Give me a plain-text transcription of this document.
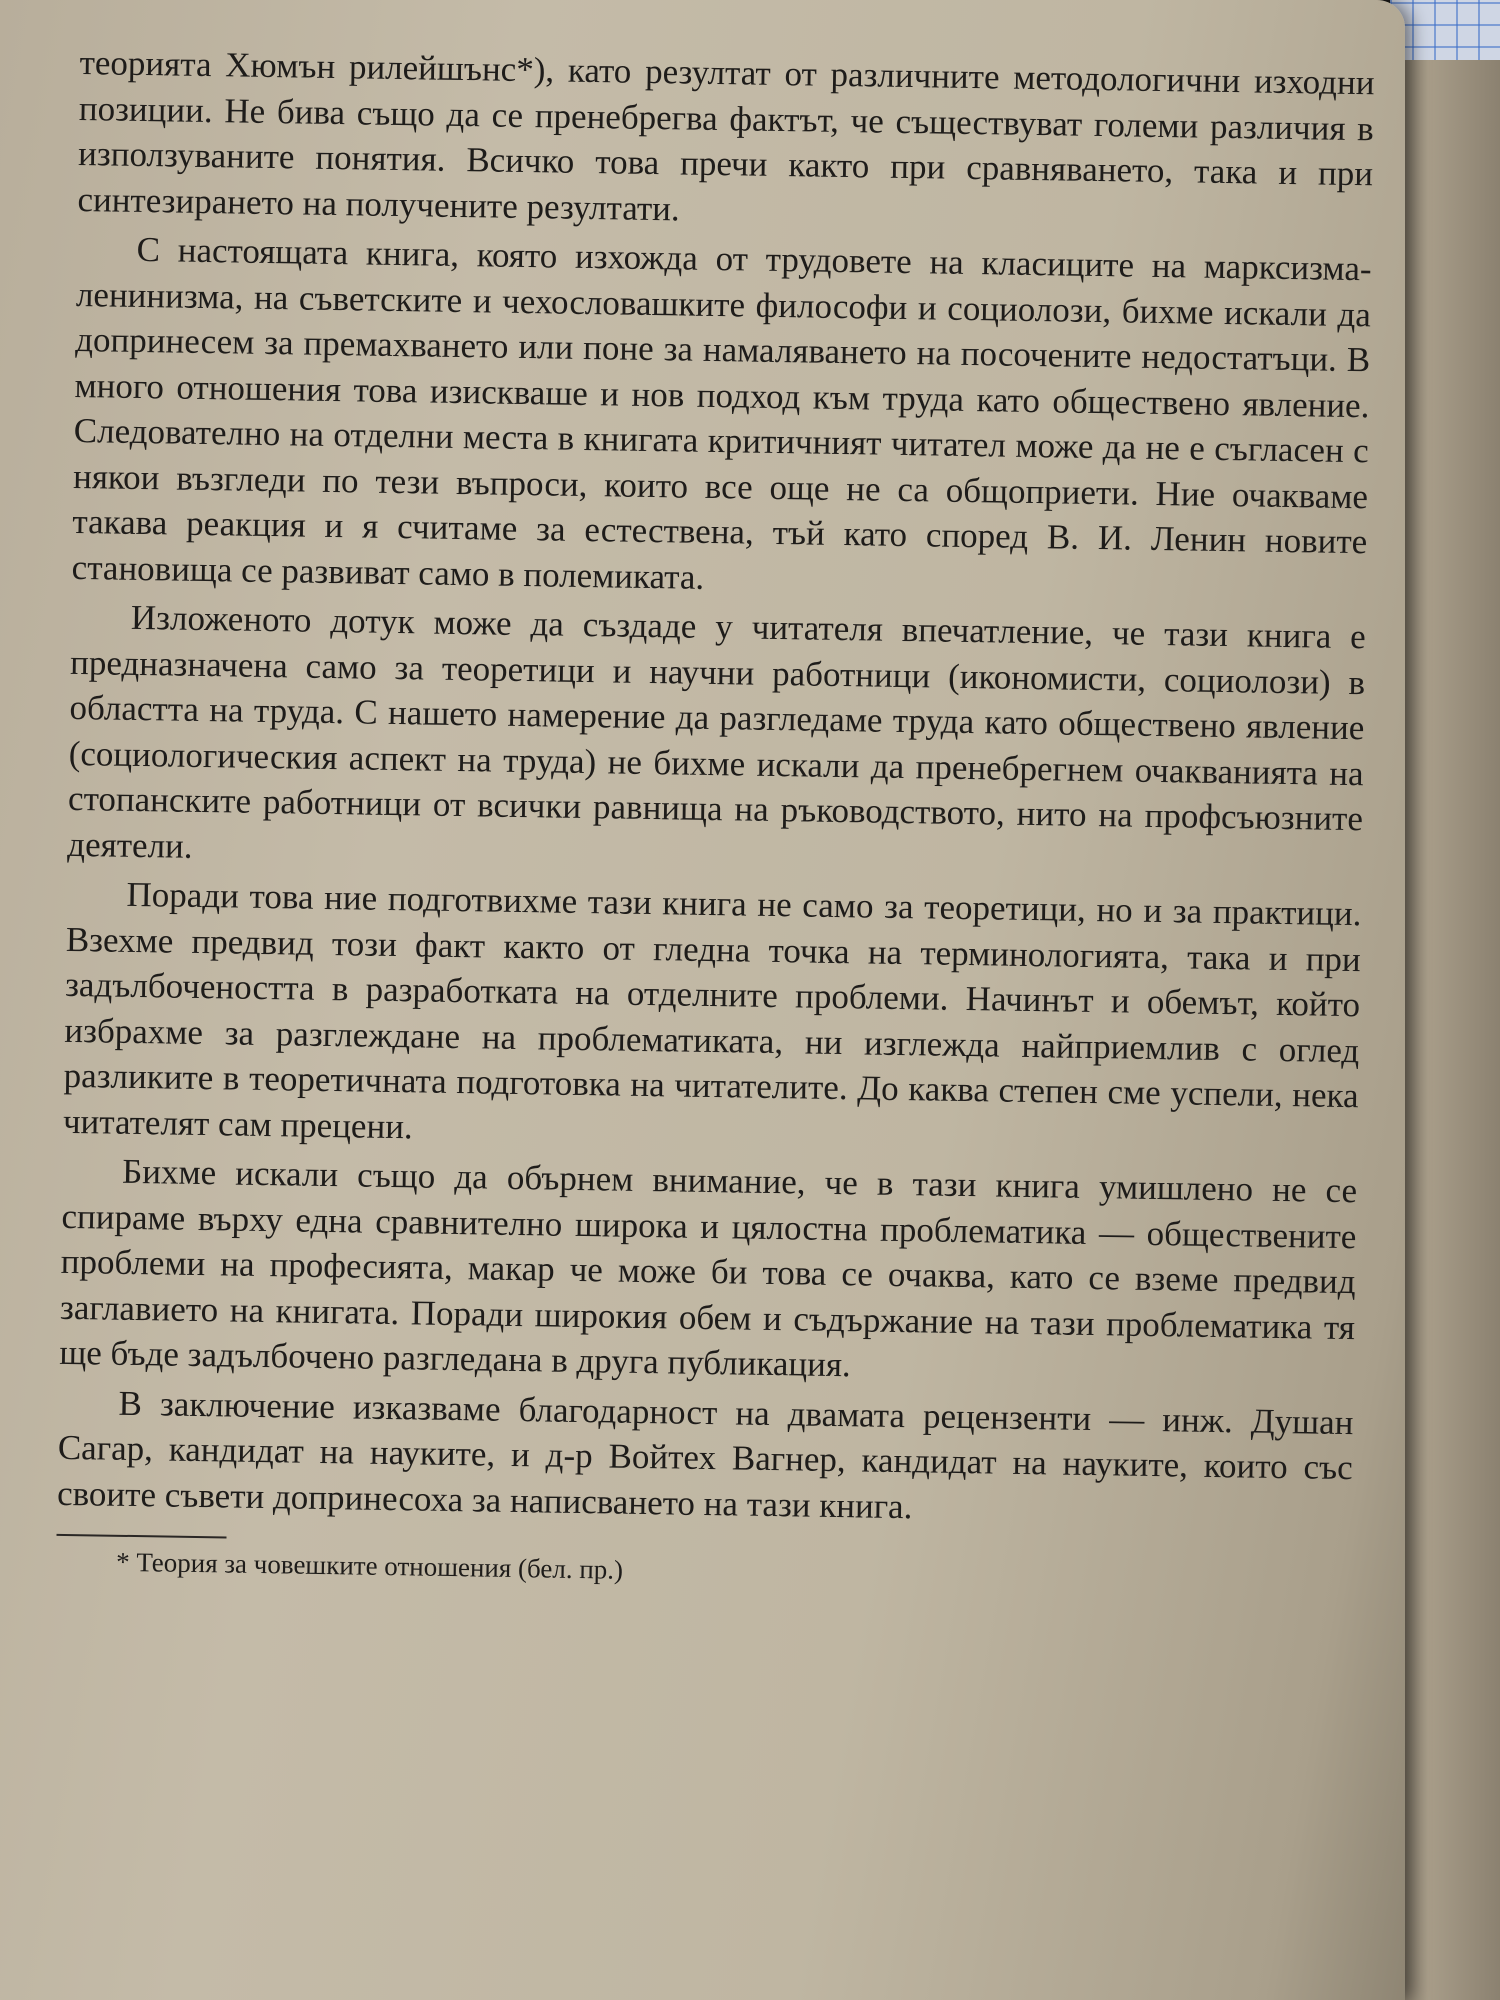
теорията Хюмън рилейшънс*), като резултат от различните методологични изходни позиции. Не бива също да се пренебрегва фактът, че съществуват големи различия в използуваните понятия. Всичко това пречи както при сравняването, така и при синтезирането на получените резултати.

С настоящата книга, която изхожда от трудовете на класиците на марксизма-ленинизма, на съветските и чехословашките философи и социолози, бихме искали да допринесем за премахването или поне за намаляването на посочените недостатъци. В много отношения това изискваше и нов подход към труда като обществено явление. Следователно на отделни места в книгата критичният читател може да не е съгласен с някои възгледи по тези въпроси, които все още не са общоприети. Ние очакваме такава реакция и я считаме за естествена, тъй като според В. И. Ленин новите становища се развиват само в полемиката.

Изложеното дотук може да създаде у читателя впечатление, че тази книга е предназначена само за теоретици и научни работници (икономисти, социолози) в областта на труда. С нашето намерение да разгледаме труда като обществено явление (социологическия аспект на труда) не бихме искали да пренебрегнем очакванията на стопанските работници от всички равнища на ръководството, нито на профсъюзните деятели.

Поради това ние подготвихме тази книга не само за теоретици, но и за практици. Взехме предвид този факт както от гледна точка на терминологията, така и при задълбочеността в разработката на отделните проблеми. Начинът и обемът, който избрахме за разглеждане на проблематиката, ни изглежда найприемлив с оглед разликите в теоретичната подготовка на читателите. До каква степен сме успели, нека читателят сам прецени.

Бихме искали също да обърнем внимание, че в тази книга умишлено не се спираме върху една сравнително широка и цялостна проблематика — обществените проблеми на професията, макар че може би това се очаква, като се вземе предвид заглавието на книгата. Поради широкия обем и съдържание на тази проблематика тя ще бъде задълбочено разгледана в друга публикация.

В заключение изказваме благодарност на двамата рецензенти — инж. Душан Сагар, кандидат на науките, и д-р Войтех Вагнер, кандидат на науките, които със своите съвети допринесоха за написването на тази книга.

* Теория за човешките отношения (бел. пр.)
